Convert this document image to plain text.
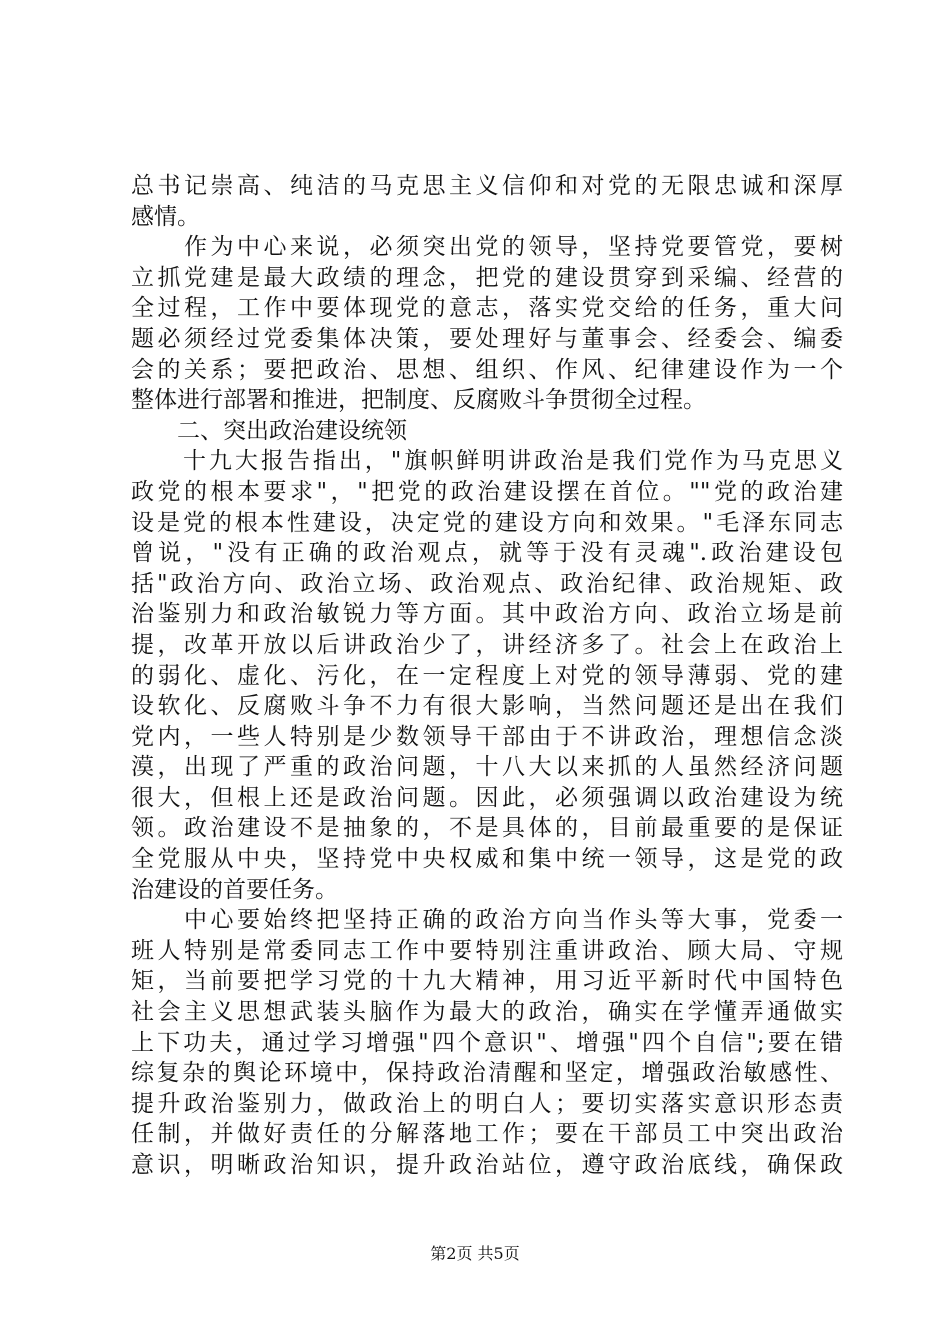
总书记崇高、纯洁的马克思主义信仰和对党的无限忠诚和深厚
感情。
　　作为中心来说，必须突出党的领导，坚持党要管党，要树
立抓党建是最大政绩的理念，把党的建设贯穿到采编、经营的
全过程，工作中要体现党的意志，落实党交给的任务，重大问
题必须经过党委集体决策，要处理好与董事会、经委会、编委
会的关系；要把政治、思想、组织、作风、纪律建设作为一个
整体进行部署和推进，把制度、反腐败斗争贯彻全过程。
　　二、突出政治建设统领
　　十九大报告指出，"旗帜鲜明讲政治是我们党作为马克思义
政党的根本要求"，"把党的政治建设摆在首位。""党的政治建
设是党的根本性建设，决定党的建设方向和效果。"毛泽东同志
曾说，"没有正确的政治观点，就等于没有灵魂".政治建设包
括"政治方向、政治立场、政治观点、政治纪律、政治规矩、政
治鉴别力和政治敏锐力等方面。其中政治方向、政治立场是前
提，改革开放以后讲政治少了，讲经济多了。社会上在政治上
的弱化、虚化、污化，在一定程度上对党的领导薄弱、党的建
设软化、反腐败斗争不力有很大影响，当然问题还是出在我们
党内，一些人特别是少数领导干部由于不讲政治，理想信念淡
漠，出现了严重的政治问题，十八大以来抓的人虽然经济问题
很大，但根上还是政治问题。因此，必须强调以政治建设为统
领。政治建设不是抽象的，不是具体的，目前最重要的是保证
全党服从中央，坚持党中央权威和集中统一领导，这是党的政
治建设的首要任务。
　　中心要始终把坚持正确的政治方向当作头等大事，党委一
班人特别是常委同志工作中要特别注重讲政治、顾大局、守规
矩，当前要把学习党的十九大精神，用习近平新时代中国特色
社会主义思想武装头脑作为最大的政治，确实在学懂弄通做实
上下功夫，通过学习增强"四个意识"、增强"四个自信";要在错
综复杂的舆论环境中，保持政治清醒和坚定，增强政治敏感性、
提升政治鉴别力，做政治上的明白人；要切实落实意识形态责
任制，并做好责任的分解落地工作；要在干部员工中突出政治
意识，明晰政治知识，提升政治站位，遵守政治底线，确保政
第2页 共5页
